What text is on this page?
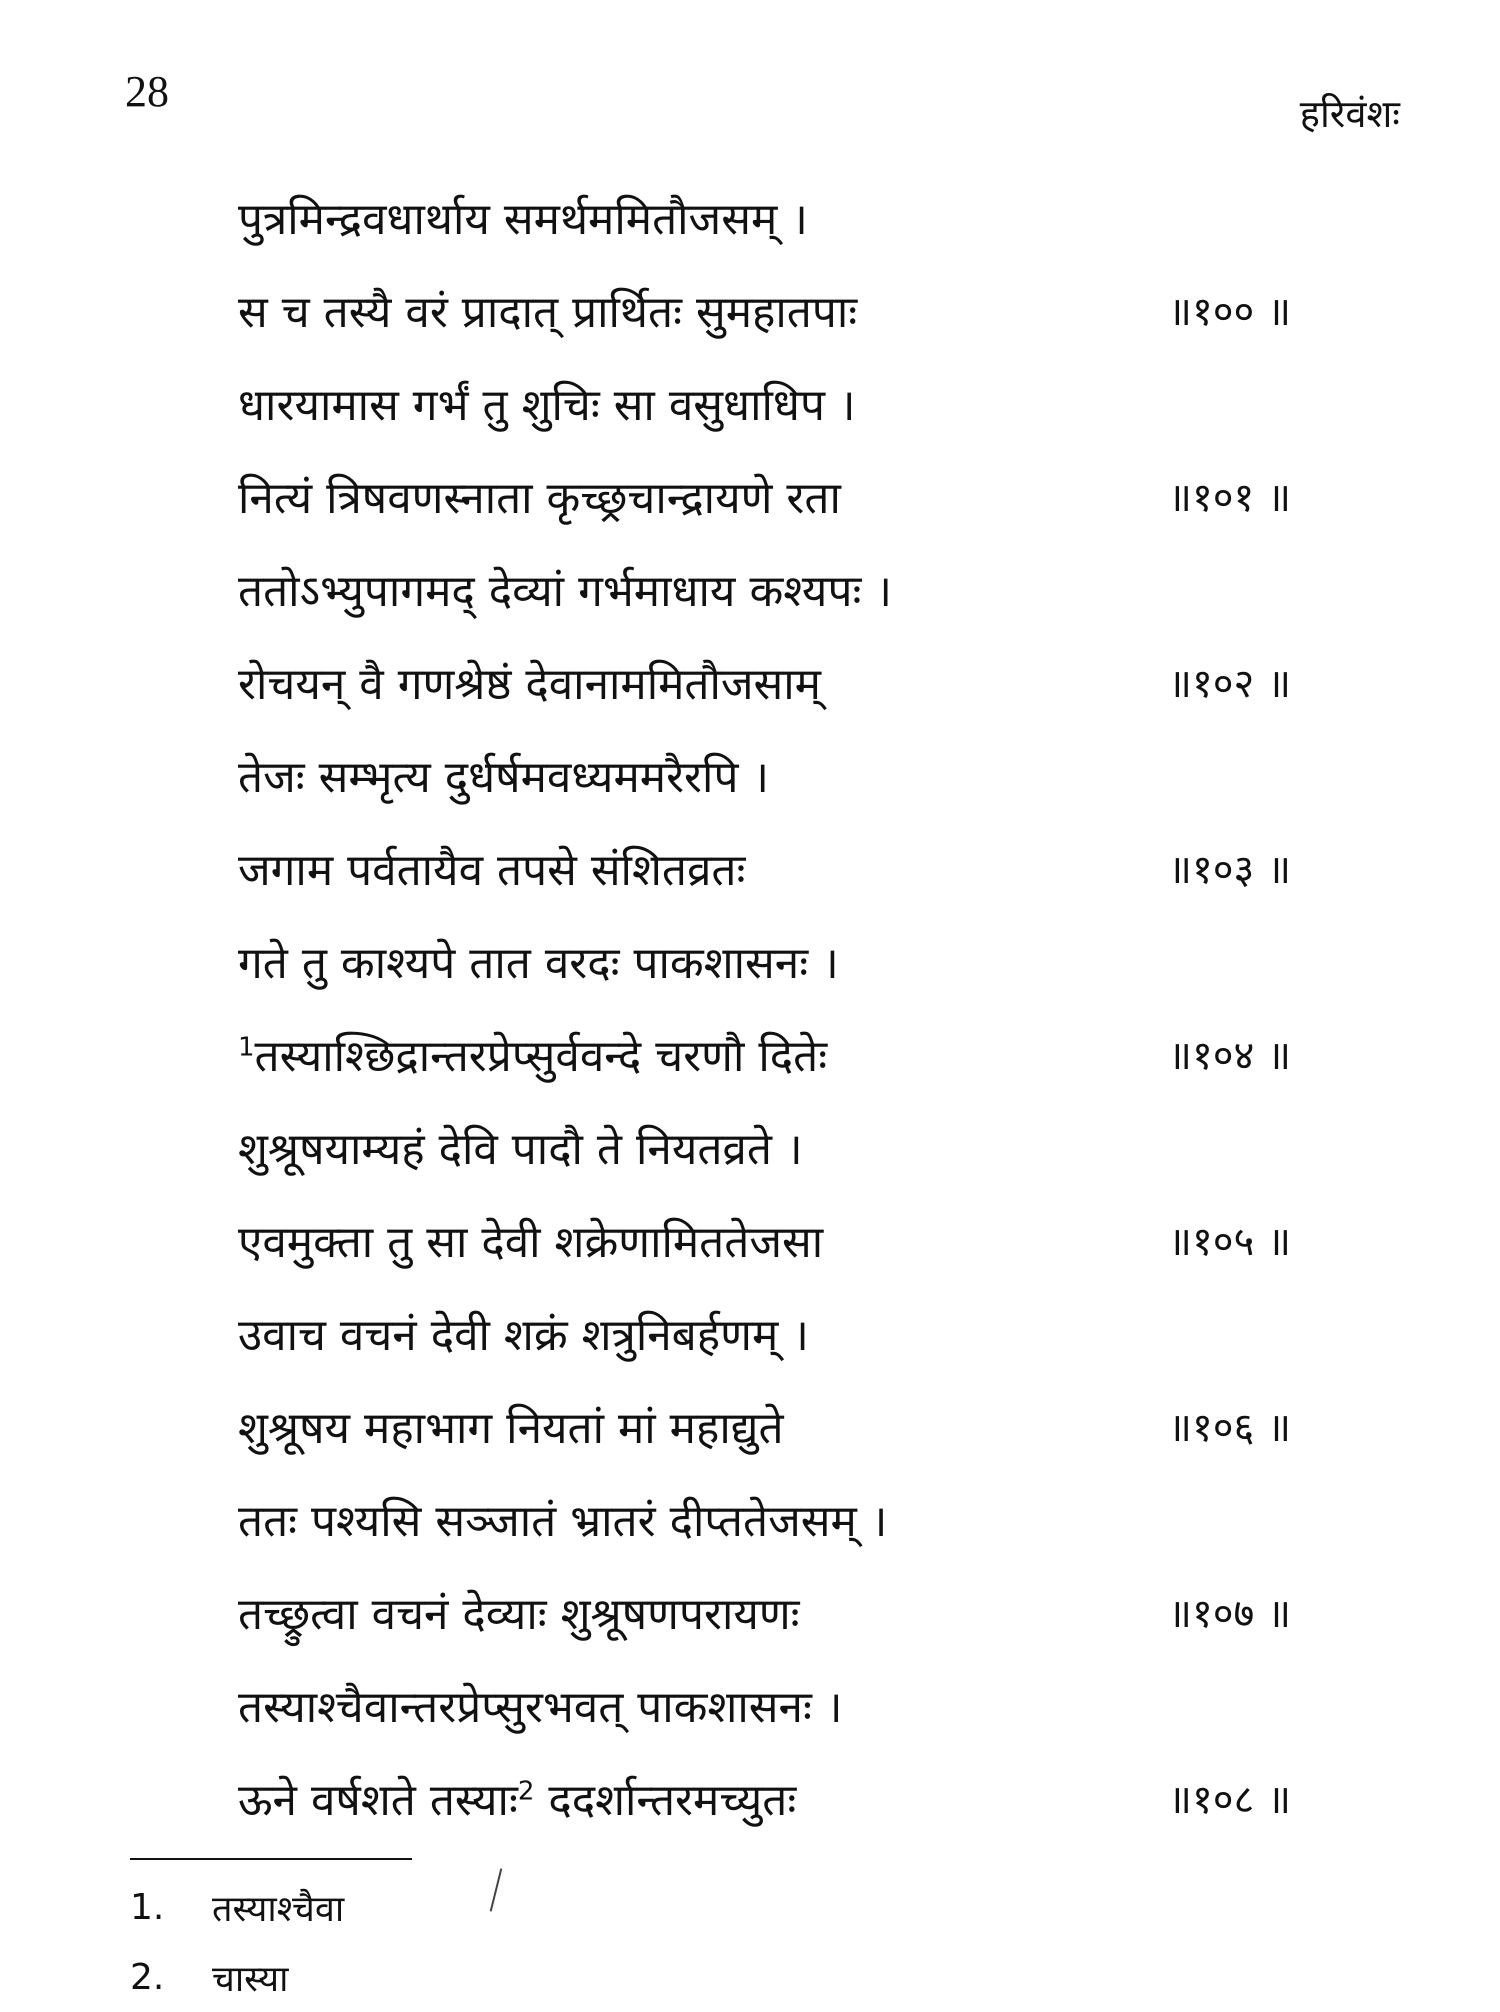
28	हरिवंशः
पुत्रमिन्द्रवधार्थाय समर्थममितौजसम् ।
स च तस्यै वरं प्रादात् प्रार्थितः सुमहातपाः	॥१०० ॥
धारयामास गर्भं तु शुचिः सा वसुधाधिप ।
नित्यं त्रिषवणस्नाता कृच्छ्रचान्द्रायणे रता	॥१०१ ॥
ततोऽभ्युपागमद् देव्यां गर्भमाधाय कश्यपः ।
रोचयन् वै गणश्रेष्ठं देवानाममितौजसाम्	॥१०२ ॥
तेजः सम्भृत्य दुर्धर्षमवध्यममरैरपि ।
जगाम पर्वतायैव तपसे संशितव्रतः	॥१०३ ॥
गते तु काश्यपे तात वरदः पाकशासनः ।
$^1$तस्याश्छिद्रान्तरप्रेप्सुर्ववन्दे चरणौ दितेः	॥१०४ ॥
शुश्रूषयाम्यहं देवि पादौ ते नियतव्रते ।
एवमुक्ता तु सा देवी शक्रेणामिततेजसा	॥१०५ ॥
उवाच वचनं देवी शक्रं शत्रुनिबर्हणम् ।
शुश्रूषय महाभाग नियतां मां महाद्युते	॥१०६ ॥
ततः पश्यसि सञ्जातं भ्रातरं दीप्ततेजसम् ।
तच्छ्रुत्वा वचनं देव्याः शुश्रूषणपरायणः	॥१०७ ॥
तस्याश्चैवान्तरप्रेप्सुरभवत् पाकशासनः ।
ऊने वर्षशते तस्याः$^2$ ददर्शान्तरमच्युतः	॥१०८ ॥
1.	तस्याश्चैवा
2.	चास्या
